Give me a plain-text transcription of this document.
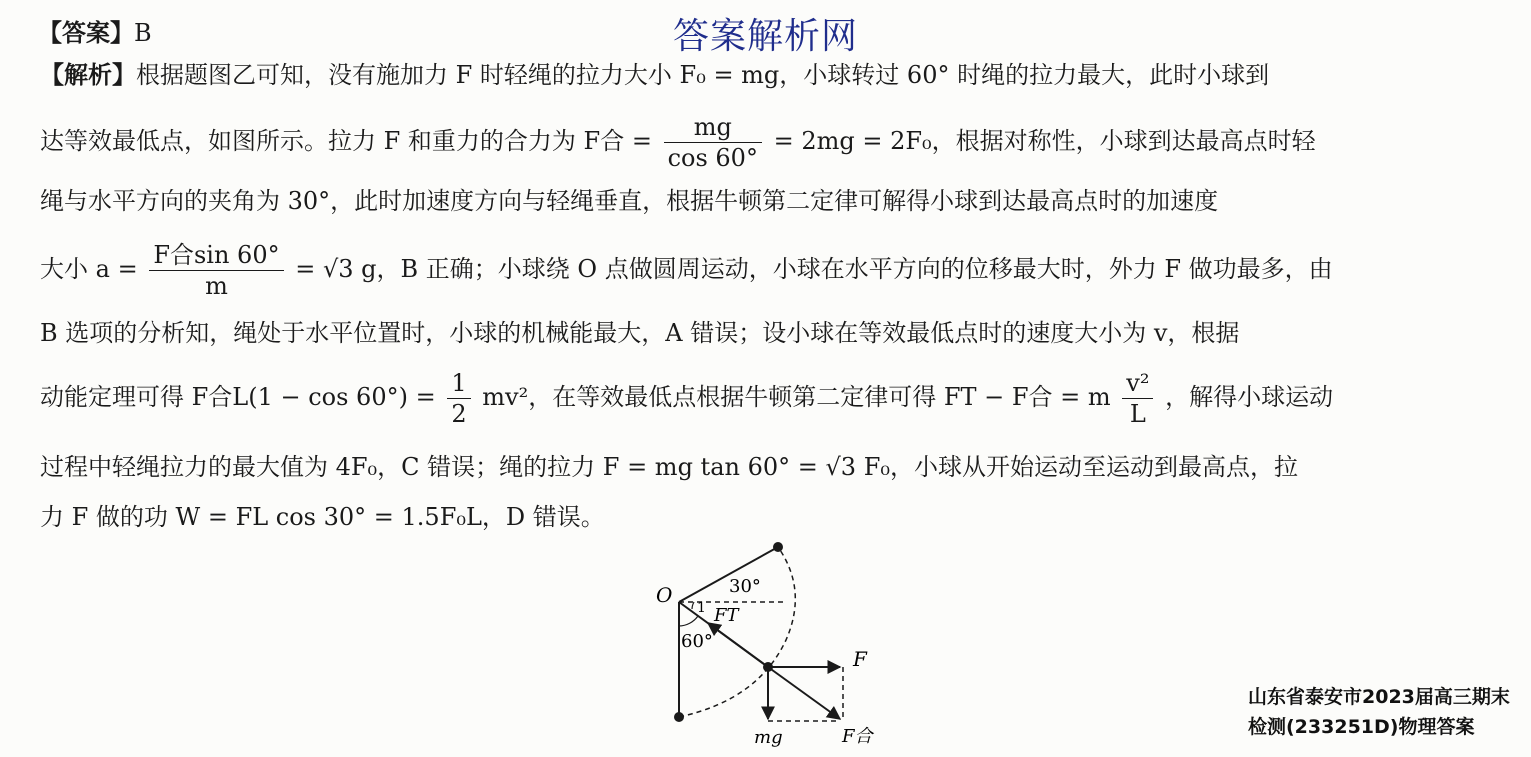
答案解析网
【答案】B
【解析】根据题图乙可知，没有施加力 F 时轻绳的拉力大小 F₀ = mg，小球转过 60° 时绳的拉力最大，此时小球到
达等效最低点，如图所示。拉力 F 和重力的合力为 F合 = $\frac{mg}{\cos 60^\circ} = 2mg = 2F_0$，根据对称性，小球到达最高点时轻
绳与水平方向的夹角为 30°，此时加速度方向与轻绳垂直，根据牛顿第二定律可解得小球到达最高点时的加速度
大小 $a = \frac{\text{F合sin 60°}}{m} = √3$ g，B 正确；小球绕 O 点做圆周运动，小球在水平方向的位移最大时，外力 F 做功最多，由
B 选项的分析知，绳处于水平位置时，小球的机械能最大，A 错误；设小球在等效最低点时的速度大小为 v，根据
动能定理可得 F合$L(1 - \cos 60^\circ) = \frac{1}{2} mv^2$，在等效最低点根据牛顿第二定律可得 FT − F合 = m $\frac{\text{v²}}{L}$ ，解得小球运动
过程中轻绳拉力的最大值为 4F₀，C 错误；绳的拉力 F = mg tan 60° = √3 F₀，小球从开始运动至运动到最高点，拉
力 F 做的功 W = FL cos 30° = 1.5F₀L，D 错误。
O	30°
1 FT
60°
F
mg	F合
山东省泰安市2023届高三期末
检测(233251D)物理答案
